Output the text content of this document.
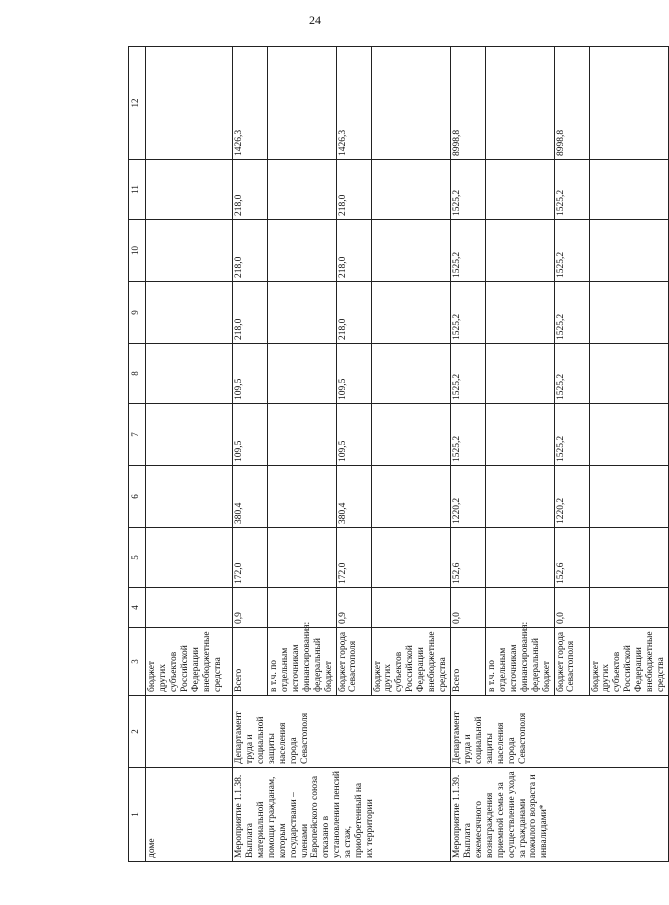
24
1	2	3	4	5	6	7	8	9	10	11	12
доме		бюджет других субъектов Российской Федерации внебюджетные средства									
Мероприятие 1.1.38. Выплата материальной помощи гражданам, которым государствами – членами Европейского союза отказано в установлении пенсий за стаж, приобретенный на их территории	Департамент труда и социальной защиты населения города Севастополя	Всего	0,9	172,0	380,4	109,5	109,5	218,0	218,0	218,0	1426,3
		в т.ч. по отдельным источникам финансирования: федеральный бюджет									
		бюджет города Севастополя	0,9	172,0	380,4	109,5	109,5	218,0	218,0	218,0	1426,3
		бюджет других субъектов Российской Федерации внебюджетные средства									
Мероприятие 1.1.39. Выплата ежемесячного вознаграждения приемной семье за осуществление ухода за гражданами пожилого возраста и инвалидами*	Департамент труда и социальной защиты населения города Севастополя	Всего	0,0	152,6	1220,2	1525,2	1525,2	1525,2	1525,2	1525,2	8998,8
		в т.ч. по отдельным источникам финансирования: федеральный бюджет									
		бюджет города Севастополя	0,0	152,6	1220,2	1525,2	1525,2	1525,2	1525,2	1525,2	8998,8
		бюджет других субъектов Российской Федерации внебюджетные средства									
